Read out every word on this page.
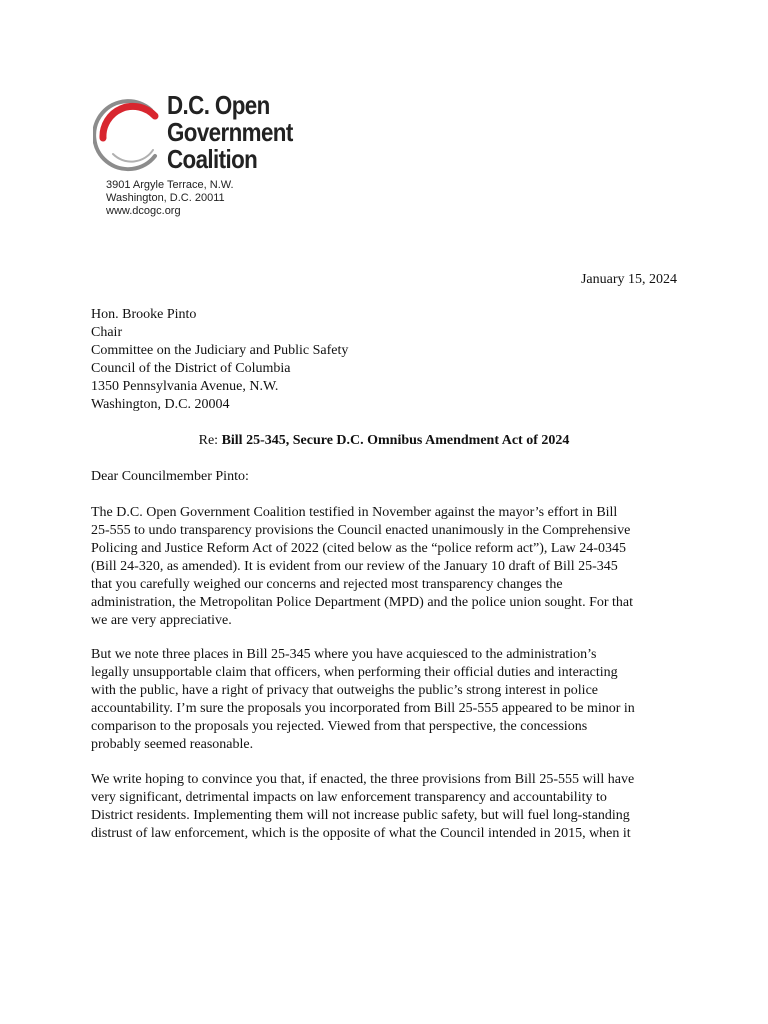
D.C. Open
Government
Coalition
3901 Argyle Terrace, N.W.
Washington, D.C. 20011
www.dcogc.org
January 15, 2024
Hon. Brooke Pinto
Chair
Committee on the Judiciary and Public Safety
Council of the District of Columbia
1350 Pennsylvania Avenue, N.W.
Washington, D.C. 20004
Re: Bill 25-345, Secure D.C. Omnibus Amendment Act of 2024
Dear Councilmember Pinto:
The D.C. Open Government Coalition testified in November against the mayor’s effort in Bill
25-555 to undo transparency provisions the Council enacted unanimously in the Comprehensive
Policing and Justice Reform Act of 2022 (cited below as the “police reform act”), Law 24-0345
(Bill 24-320, as amended). It is evident from our review of the January 10 draft of Bill 25-345
that you carefully weighed our concerns and rejected most transparency changes the
administration, the Metropolitan Police Department (MPD) and the police union sought. For that
we are very appreciative.
But we note three places in Bill 25-345 where you have acquiesced to the administration’s
legally unsupportable claim that officers, when performing their official duties and interacting
with the public, have a right of privacy that outweighs the public’s strong interest in police
accountability. I’m sure the proposals you incorporated from Bill 25-555 appeared to be minor in
comparison to the proposals you rejected. Viewed from that perspective, the concessions
probably seemed reasonable.
We write hoping to convince you that, if enacted, the three provisions from Bill 25-555 will have
very significant, detrimental impacts on law enforcement transparency and accountability to
District residents. Implementing them will not increase public safety, but will fuel long-standing
distrust of law enforcement, which is the opposite of what the Council intended in 2015, when it
